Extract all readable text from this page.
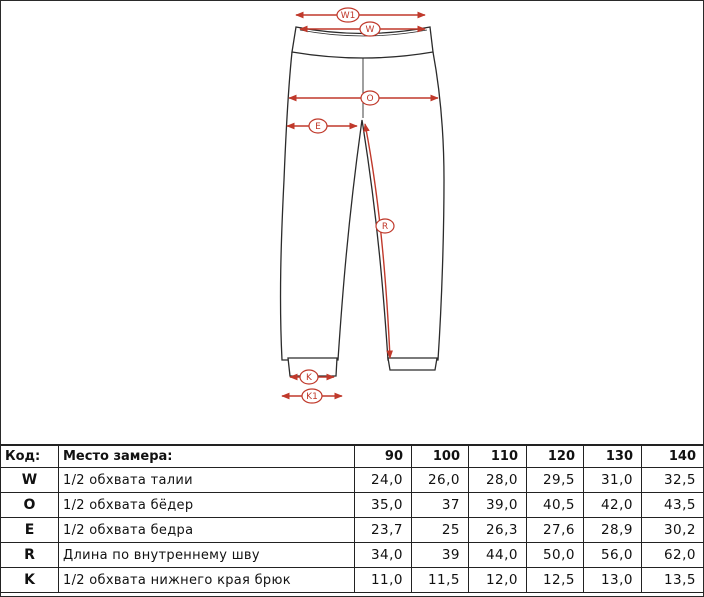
W1
W
O
E
R
K
K1
Код:	Место замера:	90	100	110	120	130	140
W	1/2 обхвата талии	24,0	26,0	28,0	29,5	31,0	32,5
O	1/2 обхвата бёдер	35,0	37	39,0	40,5	42,0	43,5
E	1/2 обхвата бедра	23,7	25	26,3	27,6	28,9	30,2
R	Длина по внутреннему шву	34,0	39	44,0	50,0	56,0	62,0
K	1/2 обхвата нижнего края брюк	11,0	11,5	12,0	12,5	13,0	13,5
